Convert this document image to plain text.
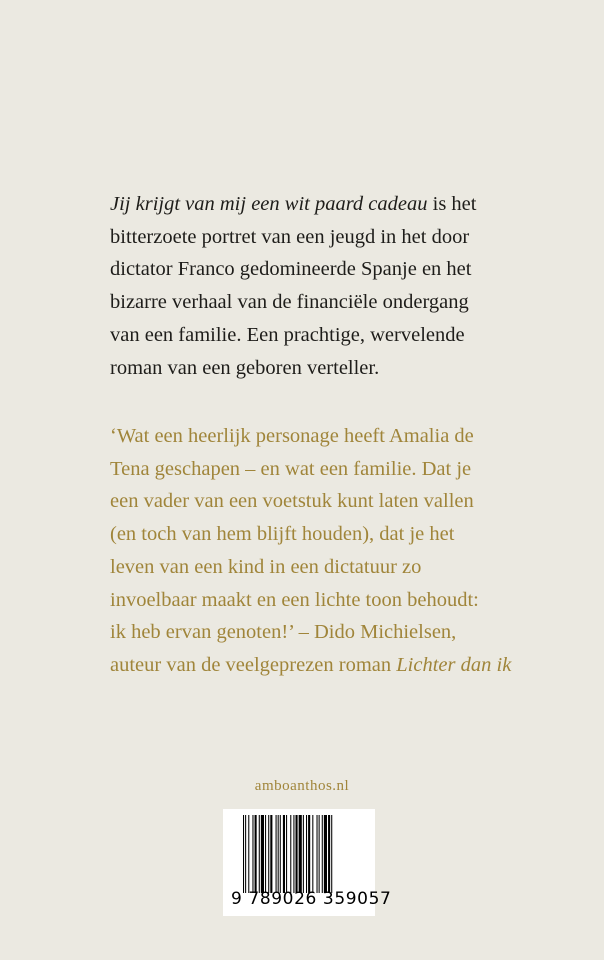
Jij krijgt van mij een wit paard cadeau is het
bitterzoete portret van een jeugd in het door
dictator Franco gedomineerde Spanje en het
bizarre verhaal van de financiële ondergang
van een familie. Een prachtige, wervelende
roman van een geboren verteller.
‘Wat een heerlijk personage heeft Amalia de
Tena geschapen – en wat een familie. Dat je
een vader van een voetstuk kunt laten vallen
(en toch van hem blijft houden), dat je het
leven van een kind in een dictatuur zo
invoelbaar maakt en een lichte toon behoudt:
ik heb ervan genoten!’ – Dido Michielsen,
auteur van de veelgeprezen roman Lichter dan ik
amboanthos.nl
9 789026 359057
